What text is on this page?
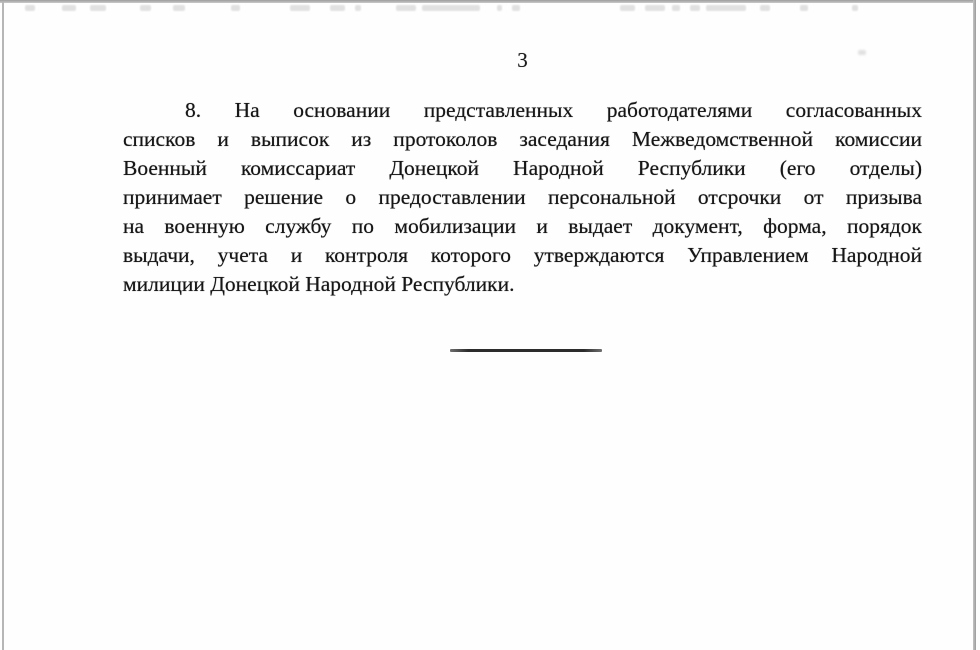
3
8. На основании представленных работодателями согласованных
списков и выписок из протоколов заседания Межведомственной комиссии
Военный комиссариат Донецкой Народной Республики (его отделы)
принимает решение о предоставлении персональной отсрочки от призыва
на военную службу по мобилизации и выдает документ, форма, порядок
выдачи, учета и контроля которого утверждаются Управлением Народной
милиции Донецкой Народной Республики.
